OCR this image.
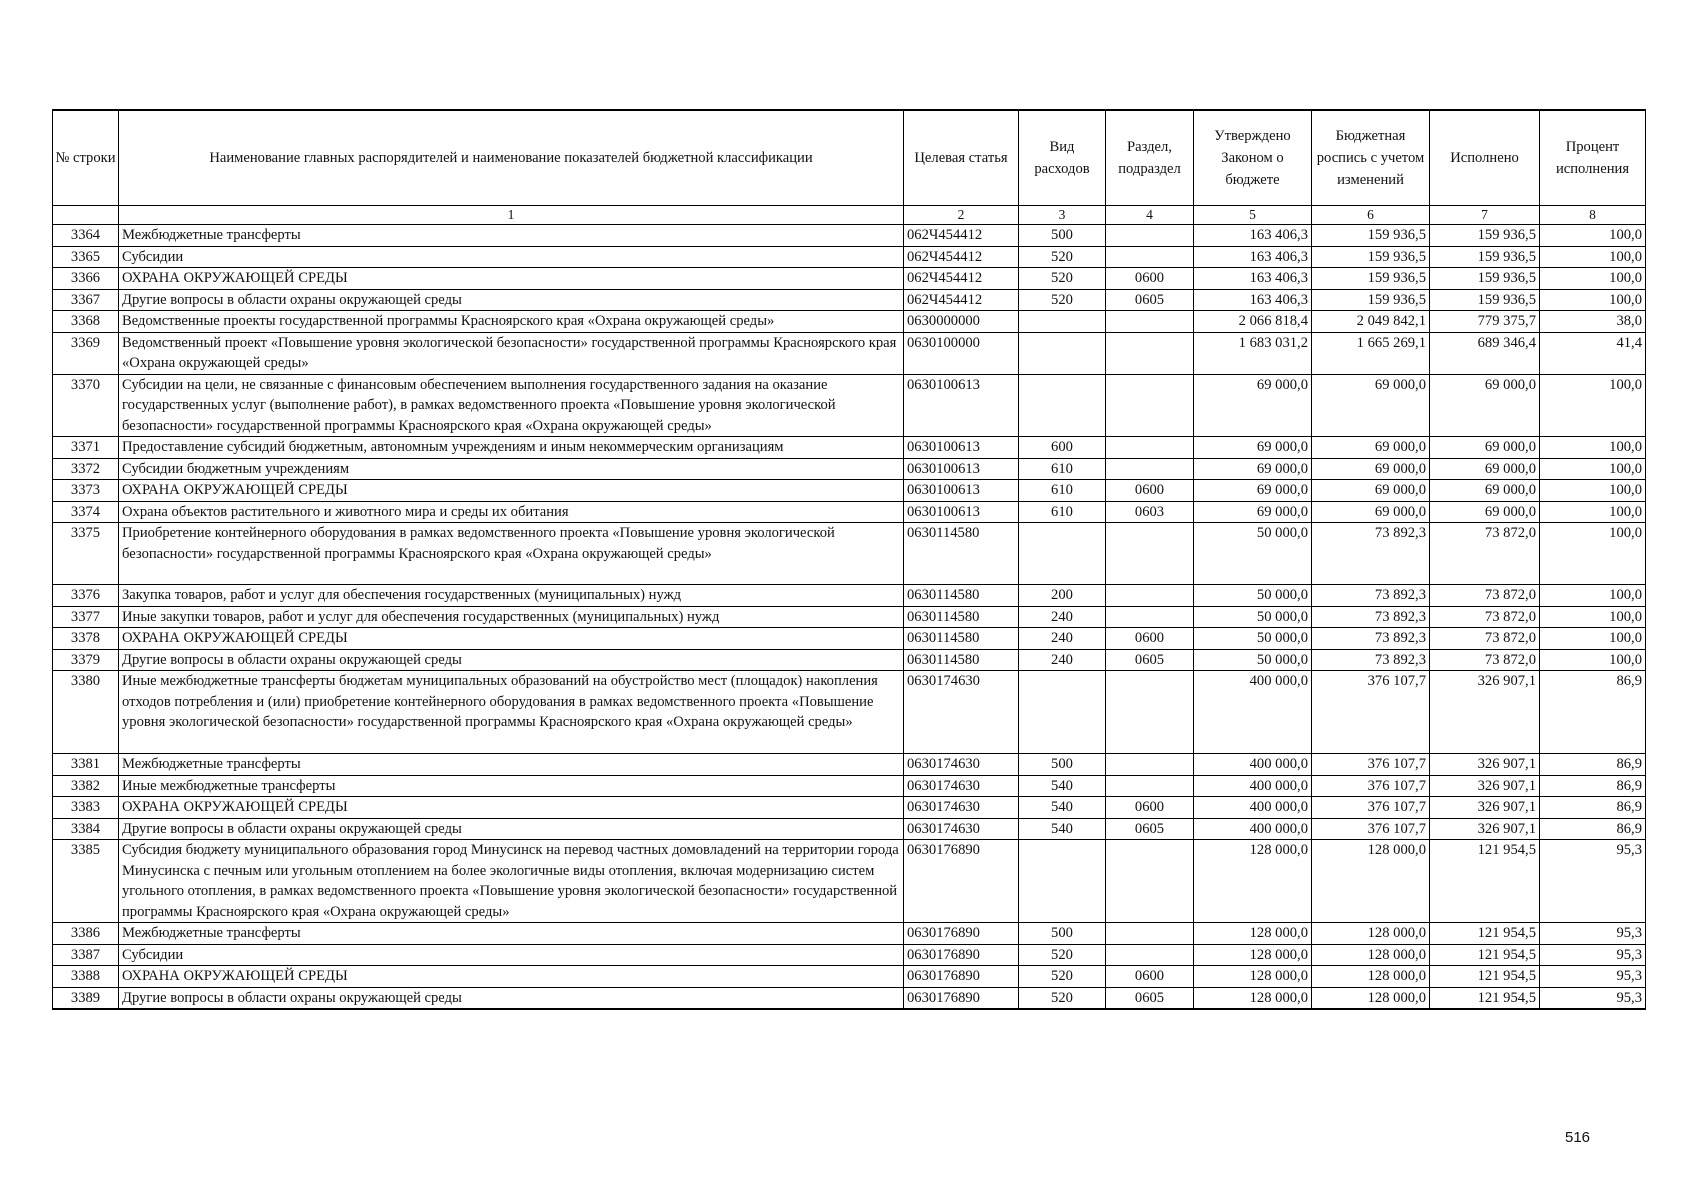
№ строки	Наименование главных распорядителей и наименование показателей бюджетной классификации	Целевая статья	Вид расходов	Раздел, подраздел	Утверждено Законом о бюджете	Бюджетная роспись с учетом изменений	Исполнено	Процент исполнения
	1	2	3	4	5	6	7	8
3364	Межбюджетные трансферты	062Ч454412	500		163 406,3	159 936,5	159 936,5	100,0
3365	Субсидии	062Ч454412	520		163 406,3	159 936,5	159 936,5	100,0
3366	ОХРАНА ОКРУЖАЮЩЕЙ СРЕДЫ	062Ч454412	520	0600	163 406,3	159 936,5	159 936,5	100,0
3367	Другие вопросы в области охраны окружающей среды	062Ч454412	520	0605	163 406,3	159 936,5	159 936,5	100,0
3368	Ведомственные проекты государственной программы Красноярского края «Охрана окружающей среды»	0630000000			2 066 818,4	2 049 842,1	779 375,7	38,0
3369	Ведомственный проект «Повышение уровня экологической безопасности» государственной программы Красноярского края «Охрана окружающей среды»	0630100000			1 683 031,2	1 665 269,1	689 346,4	41,4
3370	Субсидии на цели, не связанные с финансовым обеспечением выполнения государственного задания на оказание государственных услуг (выполнение работ), в рамках ведомственного проекта «Повышение уровня экологической безопасности» государственной программы Красноярского края «Охрана окружающей среды»	0630100613			69 000,0	69 000,0	69 000,0	100,0
3371	Предоставление субсидий бюджетным, автономным учреждениям и иным некоммерческим организациям	0630100613	600		69 000,0	69 000,0	69 000,0	100,0
3372	Субсидии бюджетным учреждениям	0630100613	610		69 000,0	69 000,0	69 000,0	100,0
3373	ОХРАНА ОКРУЖАЮЩЕЙ СРЕДЫ	0630100613	610	0600	69 000,0	69 000,0	69 000,0	100,0
3374	Охрана объектов растительного и животного мира и среды их обитания	0630100613	610	0603	69 000,0	69 000,0	69 000,0	100,0
3375	Приобретение контейнерного оборудования в рамках ведомственного проекта «Повышение уровня экологической безопасности» государственной программы Красноярского края «Охрана окружающей среды»	0630114580			50 000,0	73 892,3	73 872,0	100,0
3376	Закупка товаров, работ и услуг для обеспечения государственных (муниципальных) нужд	0630114580	200		50 000,0	73 892,3	73 872,0	100,0
3377	Иные закупки товаров, работ и услуг для обеспечения государственных (муниципальных) нужд	0630114580	240		50 000,0	73 892,3	73 872,0	100,0
3378	ОХРАНА ОКРУЖАЮЩЕЙ СРЕДЫ	0630114580	240	0600	50 000,0	73 892,3	73 872,0	100,0
3379	Другие вопросы в области охраны окружающей среды	0630114580	240	0605	50 000,0	73 892,3	73 872,0	100,0
3380	Иные межбюджетные трансферты бюджетам муниципальных образований на обустройство мест (площадок) накопления отходов потребления и (или) приобретение контейнерного оборудования в рамках ведомственного проекта «Повышение уровня экологической безопасности» государственной программы Красноярского края «Охрана окружающей среды»	0630174630			400 000,0	376 107,7	326 907,1	86,9
3381	Межбюджетные трансферты	0630174630	500		400 000,0	376 107,7	326 907,1	86,9
3382	Иные межбюджетные трансферты	0630174630	540		400 000,0	376 107,7	326 907,1	86,9
3383	ОХРАНА ОКРУЖАЮЩЕЙ СРЕДЫ	0630174630	540	0600	400 000,0	376 107,7	326 907,1	86,9
3384	Другие вопросы в области охраны окружающей среды	0630174630	540	0605	400 000,0	376 107,7	326 907,1	86,9
3385	Субсидия бюджету муниципального образования город Минусинск на перевод частных домовладений на территории города Минусинска с печным или угольным отоплением на более экологичные виды отопления, включая модернизацию систем угольного отопления, в рамках ведомственного проекта «Повышение уровня экологической безопасности» государственной программы Красноярского края «Охрана окружающей среды»	0630176890			128 000,0	128 000,0	121 954,5	95,3
3386	Межбюджетные трансферты	0630176890	500		128 000,0	128 000,0	121 954,5	95,3
3387	Субсидии	0630176890	520		128 000,0	128 000,0	121 954,5	95,3
3388	ОХРАНА ОКРУЖАЮЩЕЙ СРЕДЫ	0630176890	520	0600	128 000,0	128 000,0	121 954,5	95,3
3389	Другие вопросы в области охраны окружающей среды	0630176890	520	0605	128 000,0	128 000,0	121 954,5	95,3
516
